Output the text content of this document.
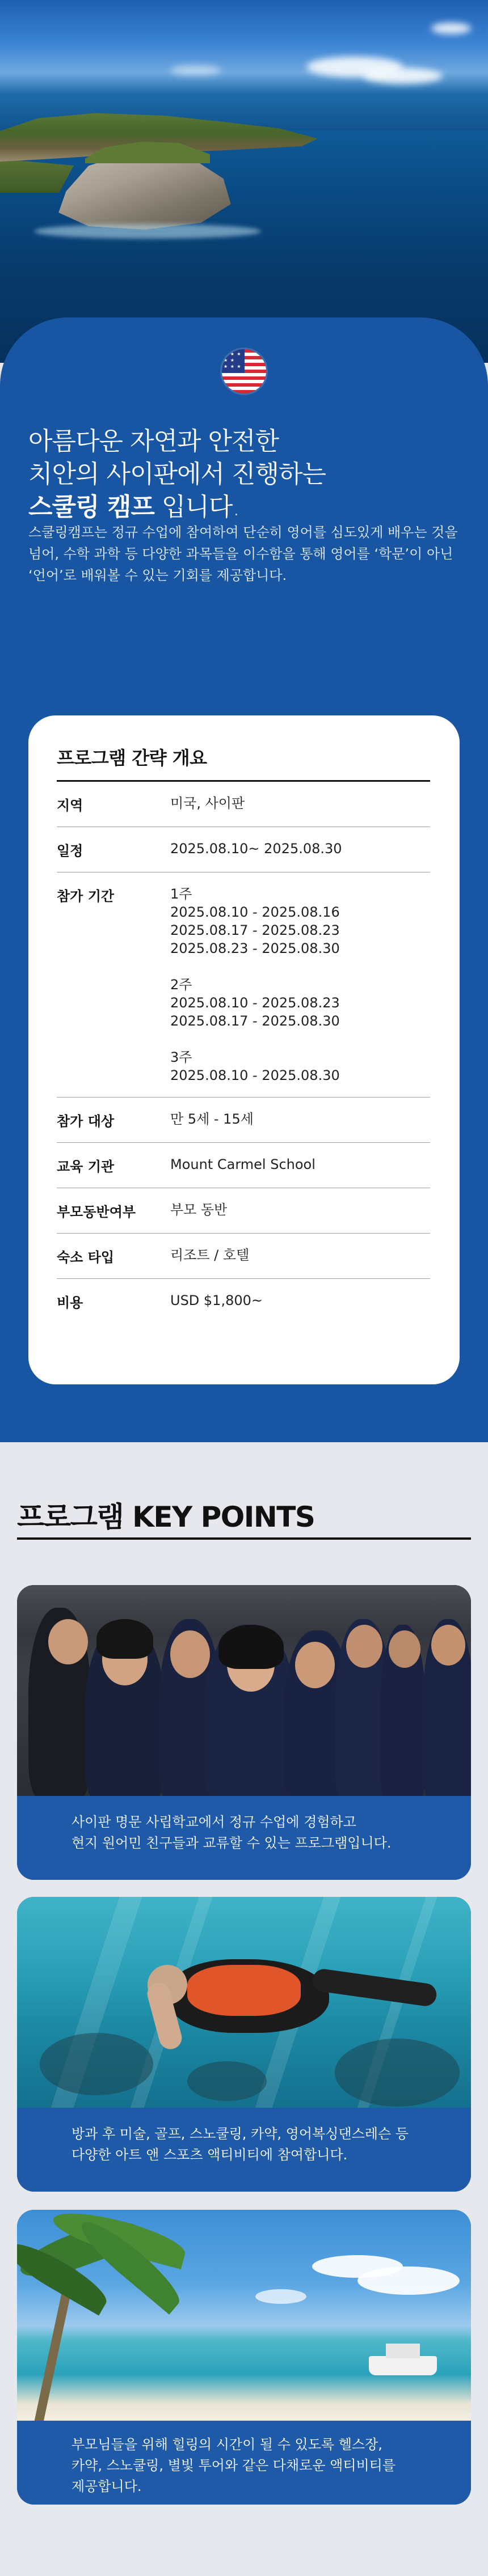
★ ★ ★ ★ ★ ★ ★ ★
아름다운 자연과 안전한
치안의 사이판에서 진행하는
스쿨링 캠프 입니다.

스쿨링캠프는 정규 수업에 참여하여 단순히 영어를 심도있게 배우는 것을 넘어, 수학 과학 등 다양한 과목들을 이수함을 통해 영어를 ‘학문’이 아닌 ‘언어’로 배워볼 수 있는 기회를 제공합니다.

프로그램 간략 개요
지역	미국, 사이판
일정	2025.08.10~ 2025.08.30
참가 기간	1주
2025.08.10 - 2025.08.16
2025.08.17 - 2025.08.23
2025.08.23 - 2025.08.30
2주
2025.08.10 - 2025.08.23
2025.08.17 - 2025.08.30
3주
2025.08.10 - 2025.08.30
참가 대상	만 5세 - 15세
교육 기관	Mount Carmel School
부모동반여부	부모 동반
숙소 타입	리조트 / 호텔
비용	USD $1,800~
프로그램 KEY POINTS
사이판 명문 사립학교에서 정규 수업에 경험하고
현지 원어민 친구들과 교류할 수 있는 프로그램입니다.
방과 후 미술, 골프, 스노쿨링, 카약, 영어복싱댄스레슨 등
다양한 아트 앤 스포츠 액티비티에 참여합니다.
부모님들을 위해 힐링의 시간이 될 수 있도록 헬스장,
카약, 스노쿨링, 별빛 투어와 같은 다채로운 액티비티를
제공합니다.
